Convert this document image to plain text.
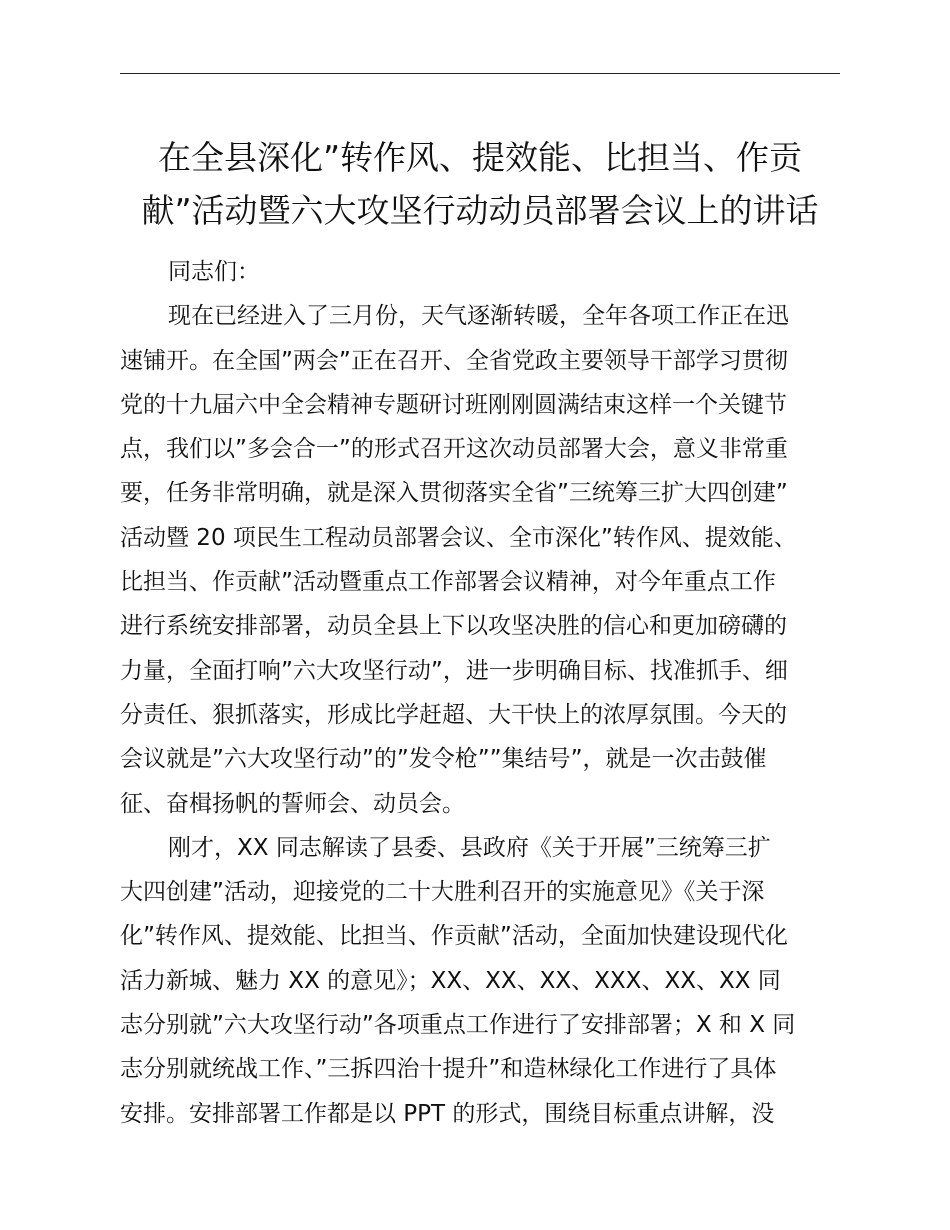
在全县深化”转作风、提效能、比担当、作贡
献”活动暨六大攻坚行动动员部署会议上的讲话
同志们：
现在已经进入了三月份，天气逐渐转暖，全年各项工作正在迅
速铺开。在全国”两会”正在召开、全省党政主要领导干部学习贯彻
党的十九届六中全会精神专题研讨班刚刚圆满结束这样一个关键节
点，我们以”多会合一”的形式召开这次动员部署大会，意义非常重
要，任务非常明确，就是深入贯彻落实全省”三统筹三扩大四创建”
活动暨 20 项民生工程动员部署会议、全市深化”转作风、提效能、
比担当、作贡献”活动暨重点工作部署会议精神，对今年重点工作
进行系统安排部署，动员全县上下以攻坚决胜的信心和更加磅礴的
力量，全面打响”六大攻坚行动”，进一步明确目标、找准抓手、细
分责任、狠抓落实，形成比学赶超、大干快上的浓厚氛围。今天的
会议就是”六大攻坚行动”的”发令枪””集结号”，就是一次击鼓催
征、奋楫扬帆的誓师会、动员会。
刚才，XX 同志解读了县委、县政府《关于开展”三统筹三扩
大四创建”活动，迎接党的二十大胜利召开的实施意见》《关于深
化”转作风、提效能、比担当、作贡献”活动，全面加快建设现代化
活力新城、魅力 XX 的意见》；XX、XX、XX、XXX、XX、XX 同
志分别就”六大攻坚行动”各项重点工作进行了安排部署；X 和 X 同
志分别就统战工作、”三拆四治十提升”和造林绿化工作进行了具体
安排。安排部署工作都是以 PPT 的形式，围绕目标重点讲解，没
